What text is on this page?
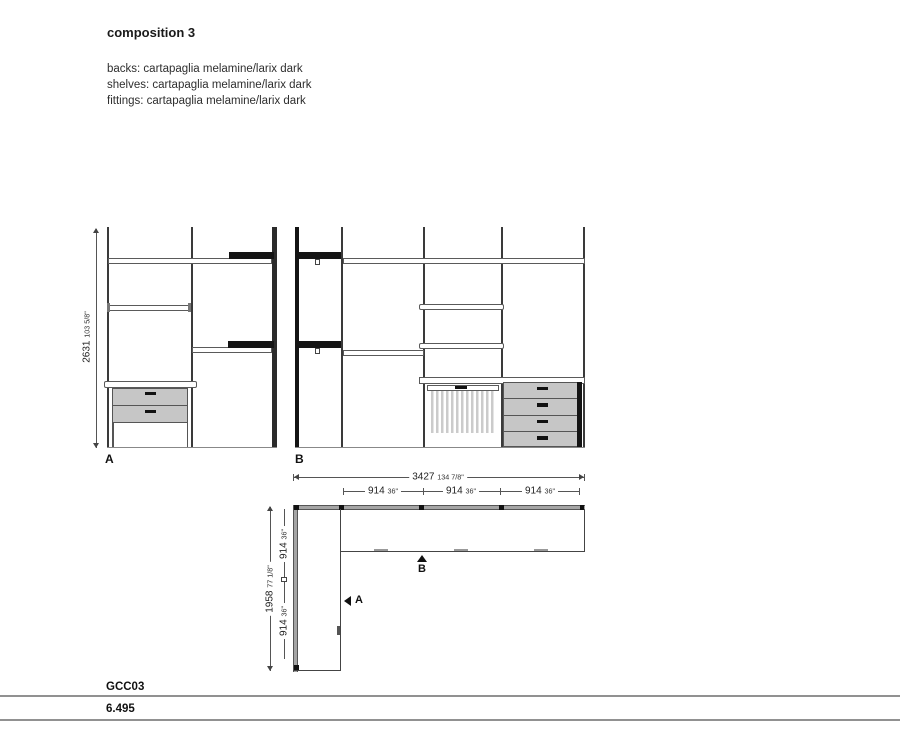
composition 3
backs: cartapaglia melamine/larix dark
shelves: cartapaglia melamine/larix dark
fittings: cartapaglia melamine/larix dark
2631 103 5/8"
A	B
3427 134 7/8"
914 36"	914 36"	914 36"
1958 77 1/8"
914 36"
914 36"
B
A
GCC03
6.495
